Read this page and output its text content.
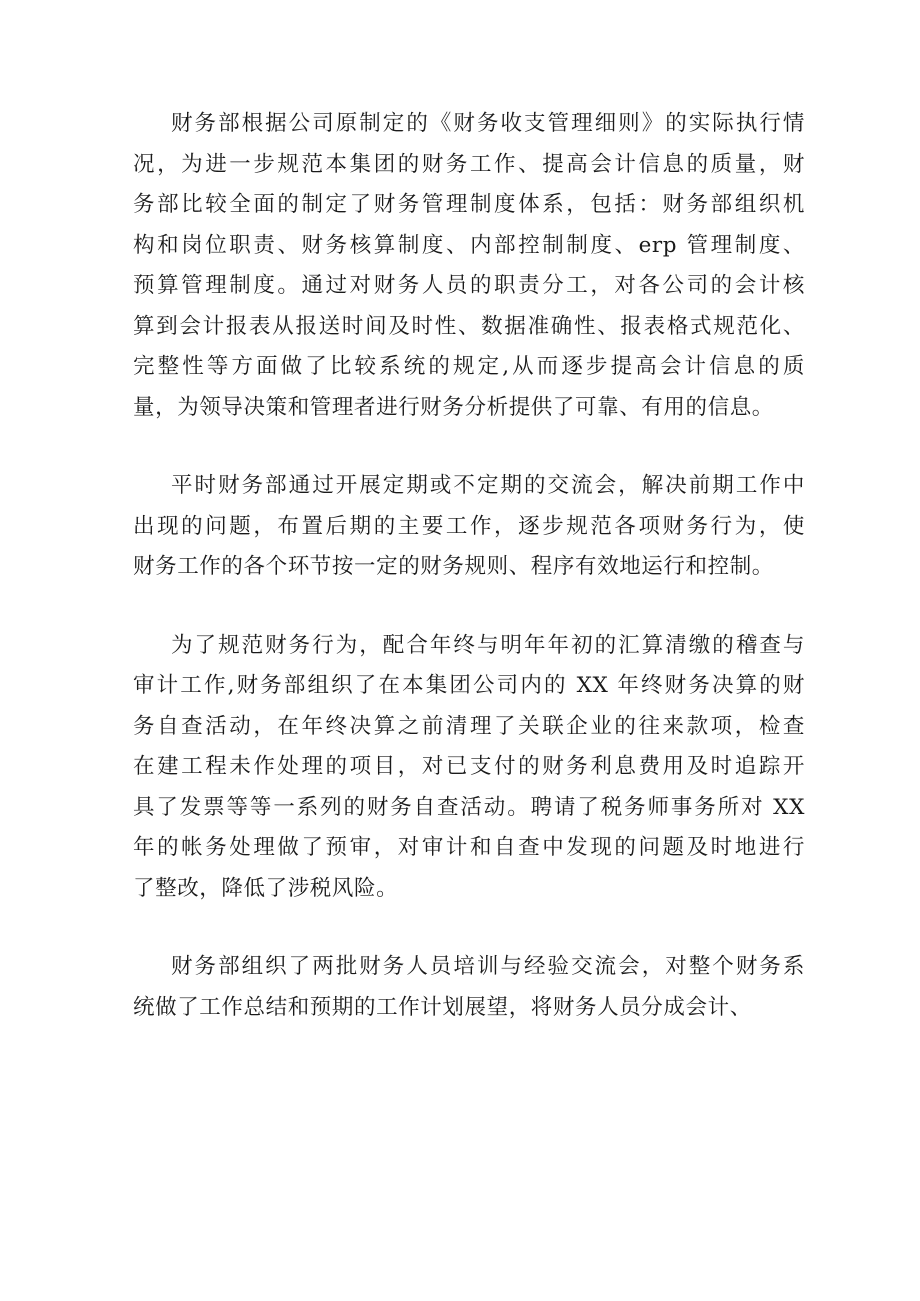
财务部根据公司原制定的《财务收支管理细则》的实际执行情
况，为进一步规范本集团的财务工作、提高会计信息的质量，财
务部比较全面的制定了财务管理制度体系，包括：财务部组织机
构和岗位职责、财务核算制度、内部控制制度、erp 管理制度、
预算管理制度。通过对财务人员的职责分工，对各公司的会计核
算到会计报表从报送时间及时性、数据准确性、报表格式规范化、
完整性等方面做了比较系统的规定,从而逐步提高会计信息的质
量，为领导决策和管理者进行财务分析提供了可靠、有用的信息。
平时财务部通过开展定期或不定期的交流会，解决前期工作中
出现的问题，布置后期的主要工作，逐步规范各项财务行为，使
财务工作的各个环节按一定的财务规则、程序有效地运行和控制。
为了规范财务行为，配合年终与明年年初的汇算清缴的稽查与
审计工作,财务部组织了在本集团公司内的 XX 年终财务决算的财
务自查活动，在年终决算之前清理了关联企业的往来款项，检查
在建工程未作处理的项目，对已支付的财务利息费用及时追踪开
具了发票等等一系列的财务自查活动。聘请了税务师事务所对 XX
年的帐务处理做了预审，对审计和自查中发现的问题及时地进行
了整改，降低了涉税风险。
财务部组织了两批财务人员培训与经验交流会，对整个财务系
统做了工作总结和预期的工作计划展望，将财务人员分成会计、
